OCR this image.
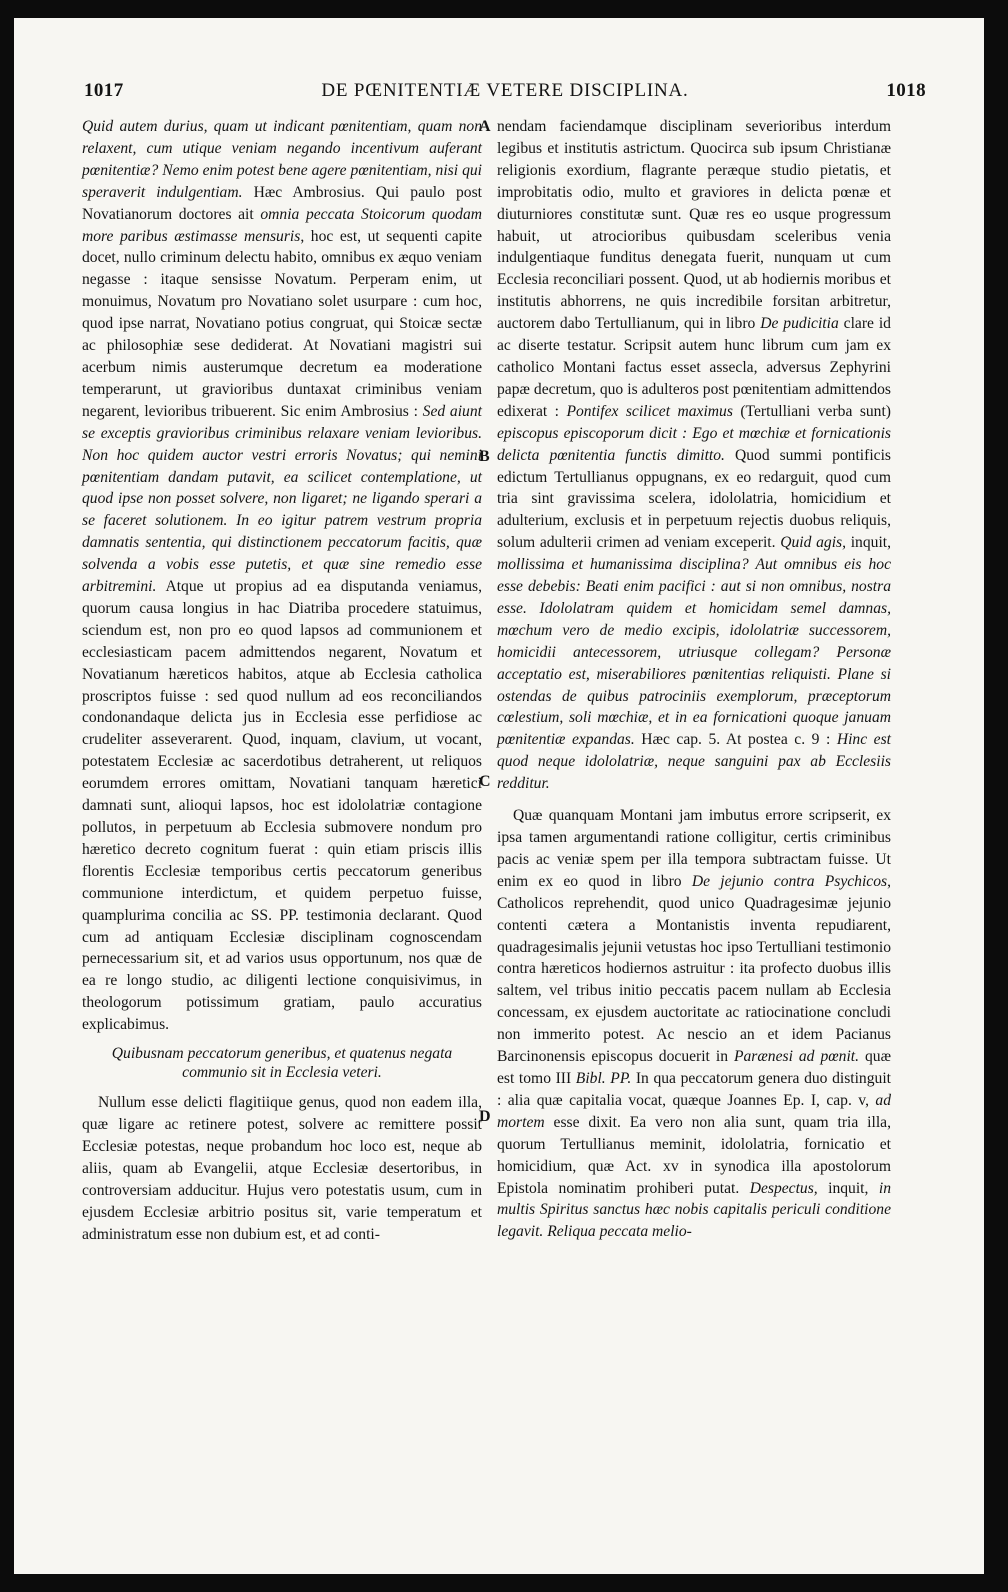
1017	DE PŒNITENTIÆ VETERE DISCIPLINA.	1018
A
B
C
D

Quid autem durius, quam ut indicant pœnitentiam, quam non relaxent, cum utique veniam negando incentivum auferant pœnitentiæ? Nemo enim potest bene agere pœnitentiam, nisi qui speraverit indulgentiam. Hæc Ambrosius. Qui paulo post Novatianorum doctores ait omnia peccata Stoicorum quodam more paribus æstimasse mensuris, hoc est, ut sequenti capite docet, nullo criminum delectu habito, omnibus ex æquo veniam negasse : itaque sensisse Novatum. Perperam enim, ut monuimus, Novatum pro Novatiano solet usurpare : cum hoc, quod ipse narrat, Novatiano potius congruat, qui Stoicæ sectæ ac philosophiæ sese dediderat. At Novatiani magistri sui acerbum nimis austerumque decretum ea moderatione temperarunt, ut gravioribus duntaxat criminibus veniam negarent, levioribus tribuerent. Sic enim Ambrosius : Sed aiunt se exceptis gravioribus criminibus relaxare veniam levioribus. Non hoc quidem auctor vestri erroris Novatus; qui nemini pœnitentiam dandam putavit, ea scilicet contemplatione, ut quod ipse non posset solvere, non ligaret; ne ligando sperari a se faceret solutionem. In eo igitur patrem vestrum propria damnatis sententia, qui distinctionem peccatorum facitis, quæ solvenda a vobis esse putetis, et quæ sine remedio esse arbitremini. Atque ut propius ad ea disputanda veniamus, quorum causa longius in hac Diatriba procedere statuimus, sciendum est, non pro eo quod lapsos ad communionem et ecclesiasticam pacem admittendos negarent, Novatum et Novatianum hæreticos habitos, atque ab Ecclesia catholica proscriptos fuisse : sed quod nullum ad eos reconciliandos condonandaque delicta jus in Ecclesia esse perfidiose ac crudeliter asseverarent. Quod, inquam, clavium, ut vocant, potestatem Ecclesiæ ac sacerdotibus detraherent, ut reliquos eorumdem errores omittam, Novatiani tanquam hæretici damnati sunt, alioqui lapsos, hoc est idololatriæ contagione pollutos, in perpetuum ab Ecclesia submovere nondum pro hæretico decreto cognitum fuerat : quin etiam priscis illis florentis Ecclesiæ temporibus certis peccatorum generibus communione interdictum, et quidem perpetuo fuisse, quamplurima concilia ac SS. PP. testimonia declarant. Quod cum ad antiquam Ecclesiæ disciplinam cognoscendam pernecessarium sit, et ad varios usus opportunum, nos quæ de ea re longo studio, ac diligenti lectione conquisivimus, in theologorum potissimum gratiam, paulo accuratius explicabimus.

Quibusnam peccatorum generibus, et quatenus negata communio sit in Ecclesia veteri.

Nullum esse delicti flagitiique genus, quod non eadem illa, quæ ligare ac retinere potest, solvere ac remittere possit Ecclesiæ potestas, neque probandum hoc loco est, neque ab aliis, quam ab Evangelii, atque Ecclesiæ desertoribus, in controversiam adducitur. Hujus vero potestatis usum, cum in ejusdem Ecclesiæ arbitrio positus sit, varie temperatum et administratum esse non dubium est, et ad conti-

nendam faciendamque disciplinam severioribus interdum legibus et institutis astrictum. Quocirca sub ipsum Christianæ religionis exordium, flagrante peræque studio pietatis, et improbitatis odio, multo et graviores in delicta pœnæ et diuturniores constitutæ sunt. Quæ res eo usque progressum habuit, ut atrocioribus quibusdam sceleribus venia indulgentiaque funditus denegata fuerit, nunquam ut cum Ecclesia reconciliari possent. Quod, ut ab hodiernis moribus et institutis abhorrens, ne quis incredibile forsitan arbitretur, auctorem dabo Tertullianum, qui in libro De pudicitia clare id ac diserte testatur. Scripsit autem hunc librum cum jam ex catholico Montani factus esset assecla, adversus Zephyrini papæ decretum, quo is adulteros post pœnitentiam admittendos edixerat : Pontifex scilicet maximus (Tertulliani verba sunt) episcopus episcoporum dicit : Ego et mœchiæ et fornicationis delicta pœnitentia functis dimitto. Quod summi pontificis edictum Tertullianus oppugnans, ex eo redarguit, quod cum tria sint gravissima scelera, idololatria, homicidium et adulterium, exclusis et in perpetuum rejectis duobus reliquis, solum adulterii crimen ad veniam exceperit. Quid agis, inquit, mollissima et humanissima disciplina? Aut omnibus eis hoc esse debebis: Beati enim pacifici : aut si non omnibus, nostra esse. Idololatram quidem et homicidam semel damnas, mœchum vero de medio excipis, idololatriæ successorem, homicidii antecessorem, utriusque collegam? Personæ acceptatio est, miserabiliores pœnitentias reliquisti. Plane si ostendas de quibus patrociniis exemplorum, præceptorum cœlestium, soli mœchiæ, et in ea fornicationi quoque januam pœnitentiæ expandas. Hæc cap. 5. At postea c. 9 : Hinc est quod neque idololatriæ, neque sanguini pax ab Ecclesiis redditur.

Quæ quanquam Montani jam imbutus errore scripserit, ex ipsa tamen argumentandi ratione colligitur, certis criminibus pacis ac veniæ spem per illa tempora subtractam fuisse. Ut enim ex eo quod in libro De jejunio contra Psychicos, Catholicos reprehendit, quod unico Quadragesimæ jejunio contenti cætera a Montanistis inventa repudiarent, quadragesimalis jejunii vetustas hoc ipso Tertulliani testimonio contra hæreticos hodiernos astruitur : ita profecto duobus illis saltem, vel tribus initio peccatis pacem nullam ab Ecclesia concessam, ex ejusdem auctoritate ac ratiocinatione concludi non immerito potest. Ac nescio an et idem Pacianus Barcinonensis episcopus docuerit in Parænesi ad pœnit. quæ est tomo III Bibl. PP. In qua peccatorum genera duo distinguit : alia quæ capitalia vocat, quæque Joannes Ep. I, cap. v, ad mortem esse dixit. Ea vero non alia sunt, quam tria illa, quorum Tertullianus meminit, idololatria, fornicatio et homicidium, quæ Act. xv in synodica illa apostolorum Epistola nominatim prohiberi putat. Despectus, inquit, in multis Spiritus sanctus hæc nobis capitalis periculi conditione legavit. Reliqua peccata melio-
